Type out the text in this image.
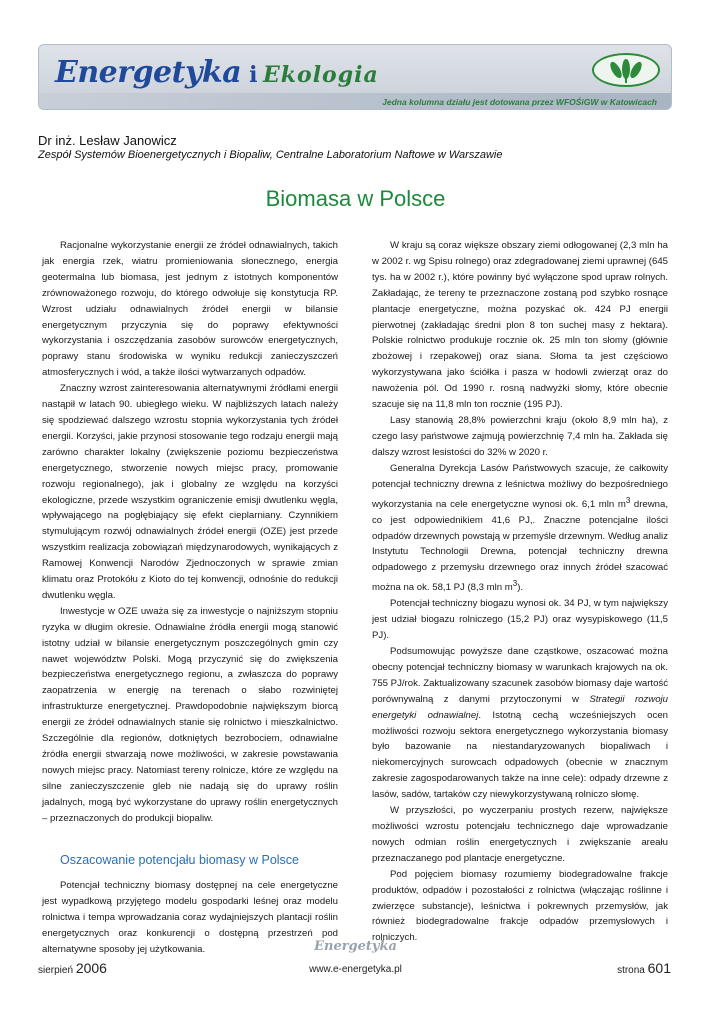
Energetyka i Ekologia
Jedna kolumna działu jest dotowana przez WFOŚiGW w Katowicach
Dr inż. Lesław Janowicz
Zespół Systemów Bioenergetycznych i Biopaliw, Centralne Laboratorium Naftowe w Warszawie
Biomasa w Polsce

Racjonalne wykorzystanie energii ze źródeł odnawialnych, takich jak energia rzek, wiatru promieniowania słonecznego, energia geotermalna lub biomasa, jest jednym z istotnych komponentów zrównoważonego rozwoju, do którego odwołuje się konstytucja RP. Wzrost udziału odnawialnych źródeł energii w bilansie energetycznym przyczynia się do poprawy efektywności wykorzystania i oszczędzania zasobów surowców energetycznych, poprawy stanu środowiska w wyniku redukcji zanieczyszczeń atmosferycznych i wód, a także ilości wytwarzanych odpadów.

Znaczny wzrost zainteresowania alternatywnymi źródłami energii nastąpił w latach 90. ubiegłego wieku. W najbliższych latach należy się spodziewać dalszego wzrostu stopnia wykorzystania tych źródeł energii. Korzyści, jakie przynosi stosowanie tego rodzaju energii mają zarówno charakter lokalny (zwiększenie poziomu bezpieczeństwa energetycznego, stworzenie nowych miejsc pracy, promowanie rozwoju regionalnego), jak i globalny ze względu na korzyści ekologiczne, przede wszystkim ograniczenie emisji dwutlenku węgla, wpływającego na pogłębiający się efekt cieplarniany. Czynnikiem stymulującym rozwój odnawialnych źródeł energii (OZE) jest przede wszystkim realizacja zobowiązań międzynarodowych, wynikających z Ramowej Konwencji Narodów Zjednoczonych w sprawie zmian klimatu oraz Protokółu z Kioto do tej konwencji, odnośnie do redukcji dwutlenku węgla.

Inwestycje w OZE uważa się za inwestycje o najniższym stopniu ryzyka w długim okresie. Odnawialne źródła energii mogą stanowić istotny udział w bilansie energetycznym poszczególnych gmin czy nawet województw Polski. Mogą przyczynić się do zwiększenia bezpieczeństwa energetycznego regionu, a zwłaszcza do poprawy zaopatrzenia w energię na terenach o słabo rozwiniętej infrastrukturze energetycznej. Prawdopodobnie największym biorcą energii ze źródeł odnawialnych stanie się rolnictwo i mieszkalnictwo. Szczególnie dla regionów, dotkniętych bezrobociem, odnawialne źródła energii stwarzają nowe możliwości, w zakresie powstawania nowych miejsc pracy. Natomiast tereny rolnicze, które ze względu na silne zanieczyszczenie gleb nie nadają się do uprawy roślin jadalnych, mogą być wykorzystane do uprawy roślin energetycznych – przeznaczonych do produkcji biopaliw.

Oszacowanie potencjału biomasy w Polsce

Potencjał techniczny biomasy dostępnej na cele energetyczne jest wypadkową przyjętego modelu gospodarki leśnej oraz modelu rolnictwa i tempa wprowadzania coraz wydajniejszych plantacji roślin energetycznych oraz konkurencji o dostępną przestrzeń pod alternatywne sposoby jej użytkowania.

W kraju są coraz większe obszary ziemi odłogowanej (2,3 mln ha w 2002 r. wg Spisu rolnego) oraz zdegradowanej ziemi uprawnej (645 tys. ha w 2002 r.), które powinny być wyłączone spod upraw rolnych. Zakładając, że tereny te przeznaczone zostaną pod szybko rosnące plantacje energetyczne, można pozyskać ok. 424 PJ energii pierwotnej (zakładając średni plon 8 ton suchej masy z hektara). Polskie rolnictwo produkuje rocznie ok. 25 mln ton słomy (głównie zbożowej i rzepakowej) oraz siana. Słoma ta jest częściowo wykorzystywana jako ściółka i pasza w hodowli zwierząt oraz do nawożenia pól. Od 1990 r. rosną nadwyżki słomy, które obecnie szacuje się na 11,8 mln ton rocznie (195 PJ).

Lasy stanowią 28,8% powierzchni kraju (około 8,9 mln ha), z czego lasy państwowe zajmują powierzchnię 7,4 mln ha. Zakłada się dalszy wzrost lesistości do 32% w 2020 r.

Generalna Dyrekcja Lasów Państwowych szacuje, że całkowity potencjał techniczny drewna z leśnictwa możliwy do bezpośredniego wykorzystania na cele energetyczne wynosi ok. 6,1 mln $m^3$ drewna, co jest odpowiednikiem 41,6 PJ,. Znaczne potencjalne ilości odpadów drzewnych powstają w przemyśle drzewnym. Według analiz Instytutu Technologii Drewna, potencjał techniczny drewna odpadowego z przemysłu drzewnego oraz innych źródeł szacować można na ok. 58,1 PJ (8,3 mln $m^3$).

Potencjał techniczny biogazu wynosi ok. 34 PJ, w tym największy jest udział biogazu rolniczego (15,2 PJ) oraz wysypiskowego (11,5 PJ).

Podsumowując powyższe dane cząstkowe, oszacować można obecny potencjał techniczny biomasy w warunkach krajowych na ok. 755 PJ/rok. Zaktualizowany szacunek zasobów biomasy daje wartość porównywalną z danymi przytoczonymi w Strategii rozwoju energetyki odnawialnej. Istotną cechą wcześniejszych ocen możliwości rozwoju sektora energetycznego wykorzystania biomasy było bazowanie na niestandaryzowanych biopaliwach i niekomercyjnych surowcach odpadowych (obecnie w znacznym zakresie zagospodarowanych także na inne cele): odpady drzewne z lasów, sadów, tartaków czy niewykorzystywaną rolniczo słomę.

W przyszłości, po wyczerpaniu prostych rezerw, największe możliwości wzrostu potencjału technicznego daje wprowadzanie nowych odmian roślin energetycznych i zwiększanie areału przeznaczanego pod plantacje energetyczne.

Pod pojęciem biomasy rozumiemy biodegradowalne frakcje produktów, odpadów i pozostałości z rolnictwa (włączając roślinne i zwierzęce substancje), leśnictwa i pokrewnych przemysłów, jak również biodegradowalne frakcje odpadów przemysłowych i rolniczych.

Energetyka
sierpień 2006	www.e-energetyka.pl	strona 601
